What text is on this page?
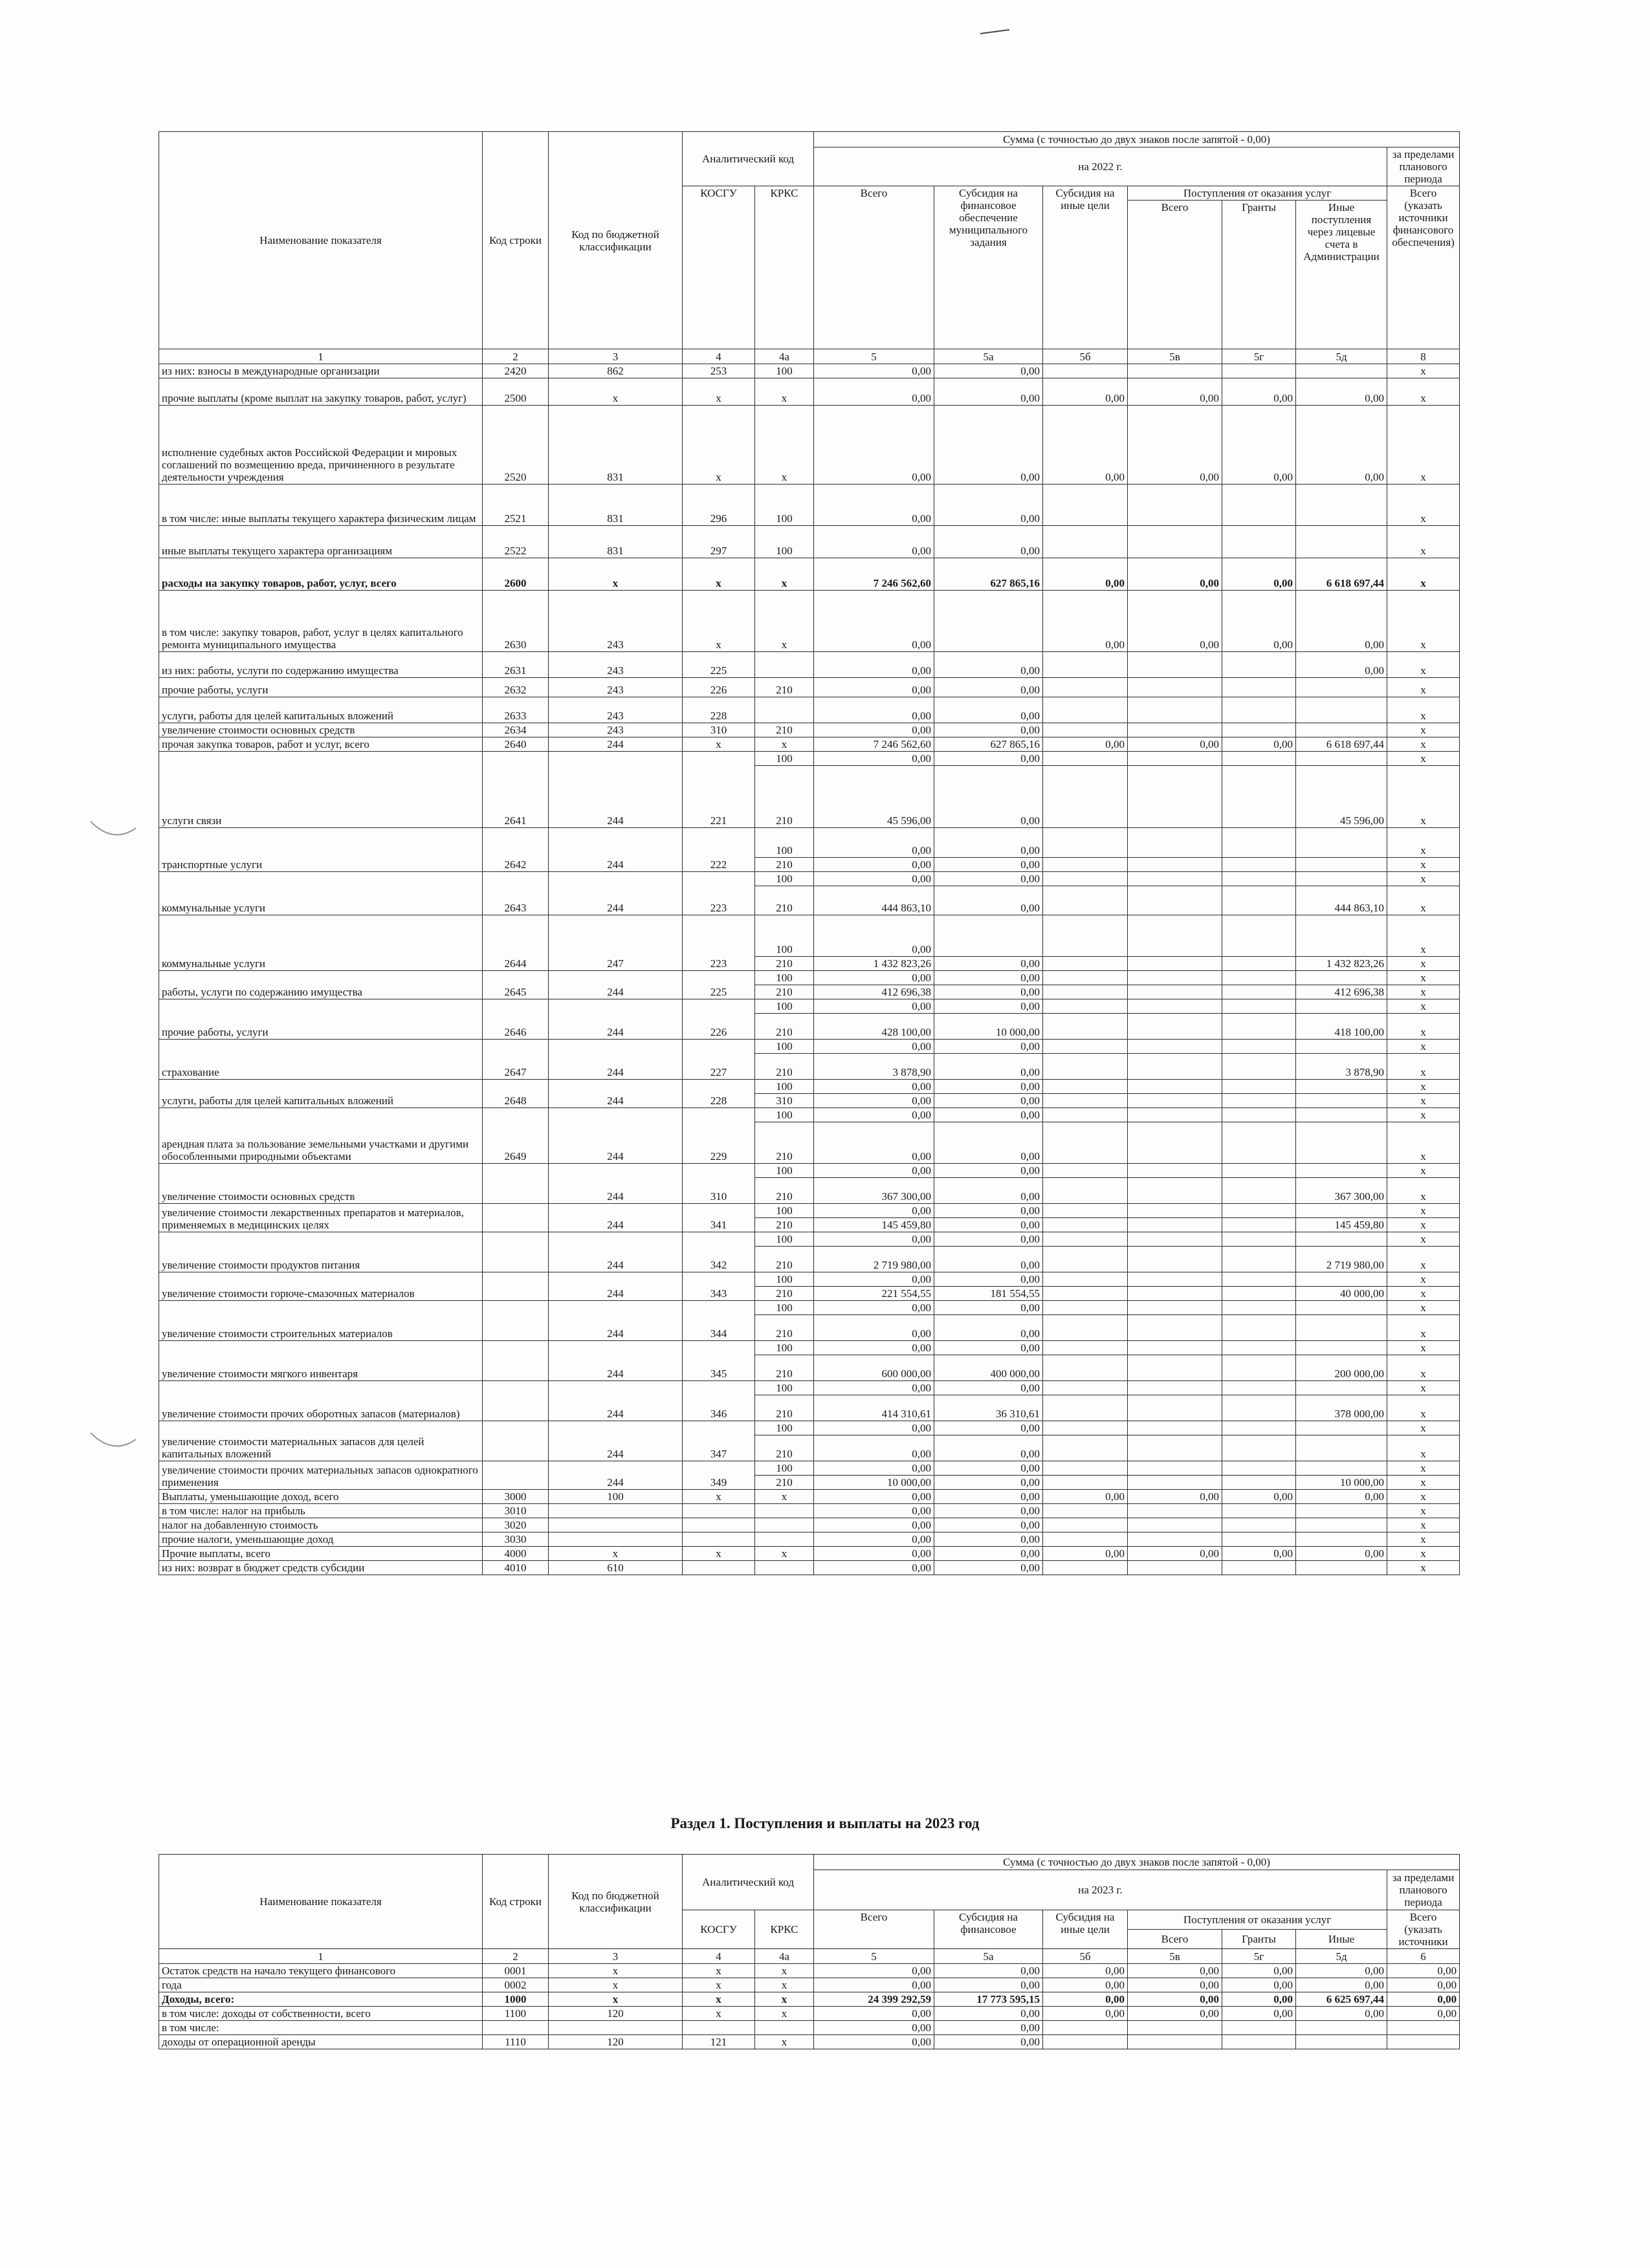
Наименование показателя	Код строки	Код по бюджетной классификации	Аналитический код		Сумма (с точностью до двух знаков после запятой - 0,00)						
					на 2022 г.						за пределами планового периода
			КОСГУ	КРКС	Всего	Субсидия на финансовое обеспечение муниципального задания	Субсидия на иные цели	Поступления от оказания услуг			Всего (указать источники финансового обеспечения)
								Всего	Гранты	Иные поступления через лицевые счета в Администрации	
1	2	3	4	4а	5	5а	5б	5в	5г	5д	8
из них: взносы в международные организации	2420	862	253	100	0,00	0,00					x
прочие выплаты (кроме выплат на закупку товаров, работ, услуг)	2500	x	x	x	0,00	0,00	0,00	0,00	0,00	0,00	x
исполнение судебных актов Российской Федерации и мировых соглашений по возмещению вреда, причиненного в результате деятельности учреждения	2520	831	x	x	0,00	0,00	0,00	0,00	0,00	0,00	x
в том числе: иные выплаты текущего характера физическим лицам	2521	831	296	100	0,00	0,00					x
иные выплаты текущего характера организациям	2522	831	297	100	0,00	0,00					x
расходы на закупку товаров, работ, услуг, всего	2600	x	x	x	7 246 562,60	627 865,16	0,00	0,00	0,00	6 618 697,44	x
в том числе: закупку товаров, работ, услуг в целях капитального ремонта муниципального имущества	2630	243	x	x	0,00		0,00	0,00	0,00	0,00	x
из них: работы, услуги по содержанию имущества	2631	243	225		0,00	0,00				0,00	x
прочие работы, услуги	2632	243	226	210	0,00	0,00					x
услуги, работы для целей капитальных вложений	2633	243	228		0,00	0,00					x
увеличение стоимости основных средств	2634	243	310	210	0,00	0,00					x
прочая закупка товаров, работ и услуг, всего	2640	244	x	x	7 246 562,60	627 865,16	0,00	0,00	0,00	6 618 697,44	x
услуги связи	2641	244	221	100	0,00	0,00					x
				210	45 596,00	0,00				45 596,00	x
транспортные услуги	2642	244	222	100	0,00	0,00					x
				210	0,00	0,00					x
коммунальные услуги	2643	244	223	100	0,00	0,00					x
				210	444 863,10	0,00				444 863,10	x
коммунальные услуги	2644	247	223	100	0,00						x
				210	1 432 823,26	0,00				1 432 823,26	x
работы, услуги по содержанию имущества	2645	244	225	100	0,00	0,00					x
				210	412 696,38	0,00				412 696,38	x
прочие работы, услуги	2646	244	226	100	0,00	0,00					x
				210	428 100,00	10 000,00				418 100,00	x
страхование	2647	244	227	100	0,00	0,00					x
				210	3 878,90	0,00				3 878,90	x
услуги, работы для целей капитальных вложений	2648	244	228	100	0,00	0,00					x
				310	0,00	0,00					x
арендная плата за пользование земельными участками и другими обособленными природными объектами	2649	244	229	100	0,00	0,00					x
				210	0,00	0,00					x
увеличение стоимости основных средств		244	310	100	0,00	0,00					x
				210	367 300,00	0,00				367 300,00	x
увеличение стоимости лекарственных препаратов и материалов, применяемых в медицинских целях		244	341	100	0,00	0,00					x
				210	145 459,80	0,00				145 459,80	x
увеличение стоимости продуктов питания		244	342	100	0,00	0,00					x
				210	2 719 980,00	0,00				2 719 980,00	x
увеличение стоимости горюче-смазочных материалов		244	343	100	0,00	0,00					x
				210	221 554,55	181 554,55				40 000,00	x
увеличение стоимости строительных материалов		244	344	100	0,00	0,00					x
				210	0,00	0,00					x
увеличение стоимости мягкого инвентаря		244	345	100	0,00	0,00					x
				210	600 000,00	400 000,00				200 000,00	x
увеличение стоимости прочих оборотных запасов (материалов)		244	346	100	0,00	0,00					x
				210	414 310,61	36 310,61				378 000,00	x
увеличение стоимости материальных запасов для целей капитальных вложений		244	347	100	0,00	0,00					x
				210	0,00	0,00					x
увеличение стоимости прочих материальных запасов однократного применения		244	349	100	0,00	0,00					x
				210	10 000,00	0,00				10 000,00	x
Выплаты, уменьшающие доход, всего	3000	100	x	x	0,00	0,00	0,00	0,00	0,00	0,00	x
в том числе: налог на прибыль	3010				0,00	0,00					x
налог на добавленную стоимость	3020				0,00	0,00					x
прочие налоги, уменьшающие доход	3030				0,00	0,00					x
Прочие выплаты, всего	4000	x	x	x	0,00	0,00	0,00	0,00	0,00	0,00	x
из них: возврат в бюджет средств субсидии	4010	610			0,00	0,00					x
Раздел 1. Поступления и выплаты на 2023 год
Наименование показателя	Код строки	Код по бюджетной классификации	Аналитический код		Сумма (с точностью до двух знаков после запятой - 0,00)						
					на 2023 г.						за пределами планового периода
			КОСГУ	КРКС	Всего	Субсидия на финансовое	Субсидия на иные цели	Поступления от оказания услуг			Всего (указать источники
								Всего	Гранты	Иные	
1	2	3	4	4а	5	5а	5б	5в	5г	5д	6
Остаток средств на начало текущего финансового	0001	x	x	x	0,00	0,00	0,00	0,00	0,00	0,00	0,00
года	0002	x	x	x	0,00	0,00	0,00	0,00	0,00	0,00	0,00
Доходы, всего:	1000	x	x	x	24 399 292,59	17 773 595,15	0,00	0,00	0,00	6 625 697,44	0,00
в том числе: доходы от собственности, всего	1100	120	x	x	0,00	0,00	0,00	0,00	0,00	0,00	0,00
в том числе:					0,00	0,00					
доходы от операционной аренды	1110	120	121	x	0,00	0,00					
